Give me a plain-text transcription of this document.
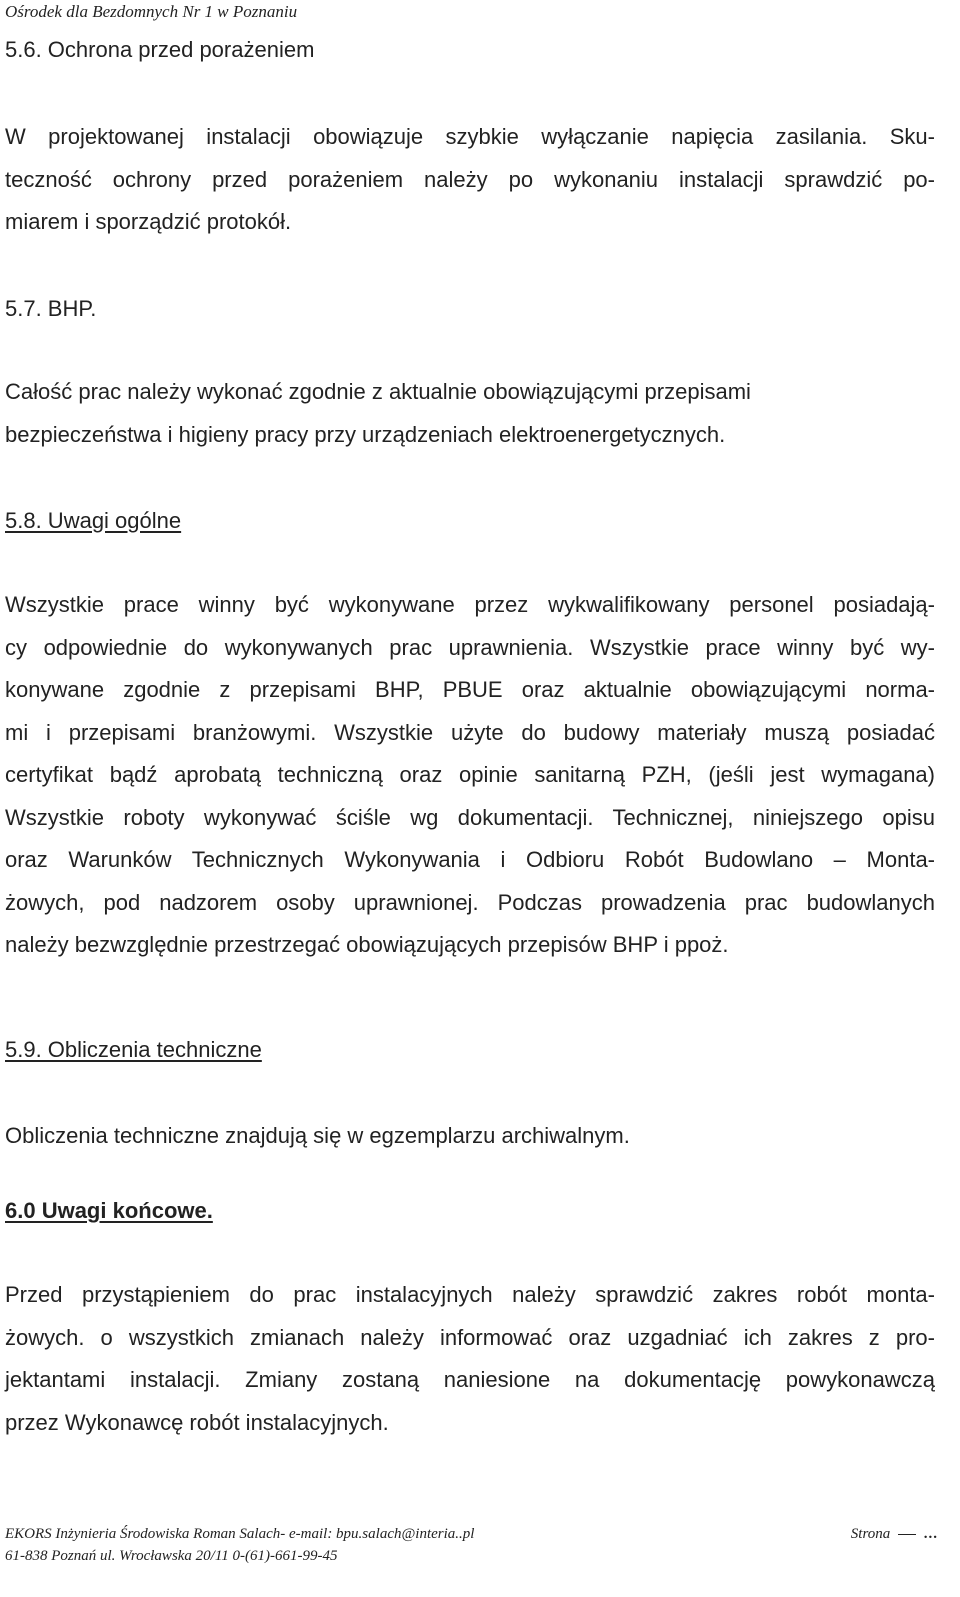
Ośrodek dla Bezdomnych Nr 1 w Poznaniu
5.6. Ochrona przed porażeniem
W projektowanej instalacji obowiązuje szybkie wyłączanie napięcia zasilania. Sku-
teczność ochrony przed porażeniem należy po wykonaniu instalacji sprawdzić po-
miarem i sporządzić protokół.
5.7. BHP.
Całość prac należy wykonać zgodnie z aktualnie obowiązującymi przepisami
bezpieczeństwa i higieny pracy przy urządzeniach elektroenergetycznych.
5.8. Uwagi ogólne
Wszystkie prace winny być wykonywane przez wykwalifikowany personel posiadają-
cy odpowiednie do wykonywanych prac uprawnienia. Wszystkie prace winny być wy-
konywane zgodnie z przepisami BHP, PBUE oraz aktualnie obowiązującymi norma-
mi i przepisami branżowymi. Wszystkie użyte do budowy materiały muszą posiadać
certyfikat bądź aprobatą techniczną oraz opinie sanitarną PZH, (jeśli jest wymagana)
Wszystkie roboty wykonywać ściśle wg dokumentacji. Technicznej, niniejszego opisu
oraz Warunków Technicznych Wykonywania i Odbioru Robót Budowlano – Monta-
żowych, pod nadzorem osoby uprawnionej. Podczas prowadzenia prac budowlanych
należy bezwzględnie przestrzegać obowiązujących przepisów BHP i ppoż.
5.9. Obliczenia techniczne
Obliczenia techniczne znajdują się w egzemplarzu archiwalnym.
6.0 Uwagi końcowe.
Przed przystąpieniem do prac instalacyjnych należy sprawdzić zakres robót monta-
żowych. o wszystkich zmianach należy informować oraz uzgadniać ich zakres z pro-
jektantami instalacji. Zmiany zostaną naniesione na dokumentację powykonawczą
przez Wykonawcę robót instalacyjnych.
EKORS Inżynieria Środowiska Roman Salach- e-mail: bpu.salach@interia..pl
61-838 Poznań ul. Wrocławska 20/11 0-(61)-661-99-45
Strona ...
